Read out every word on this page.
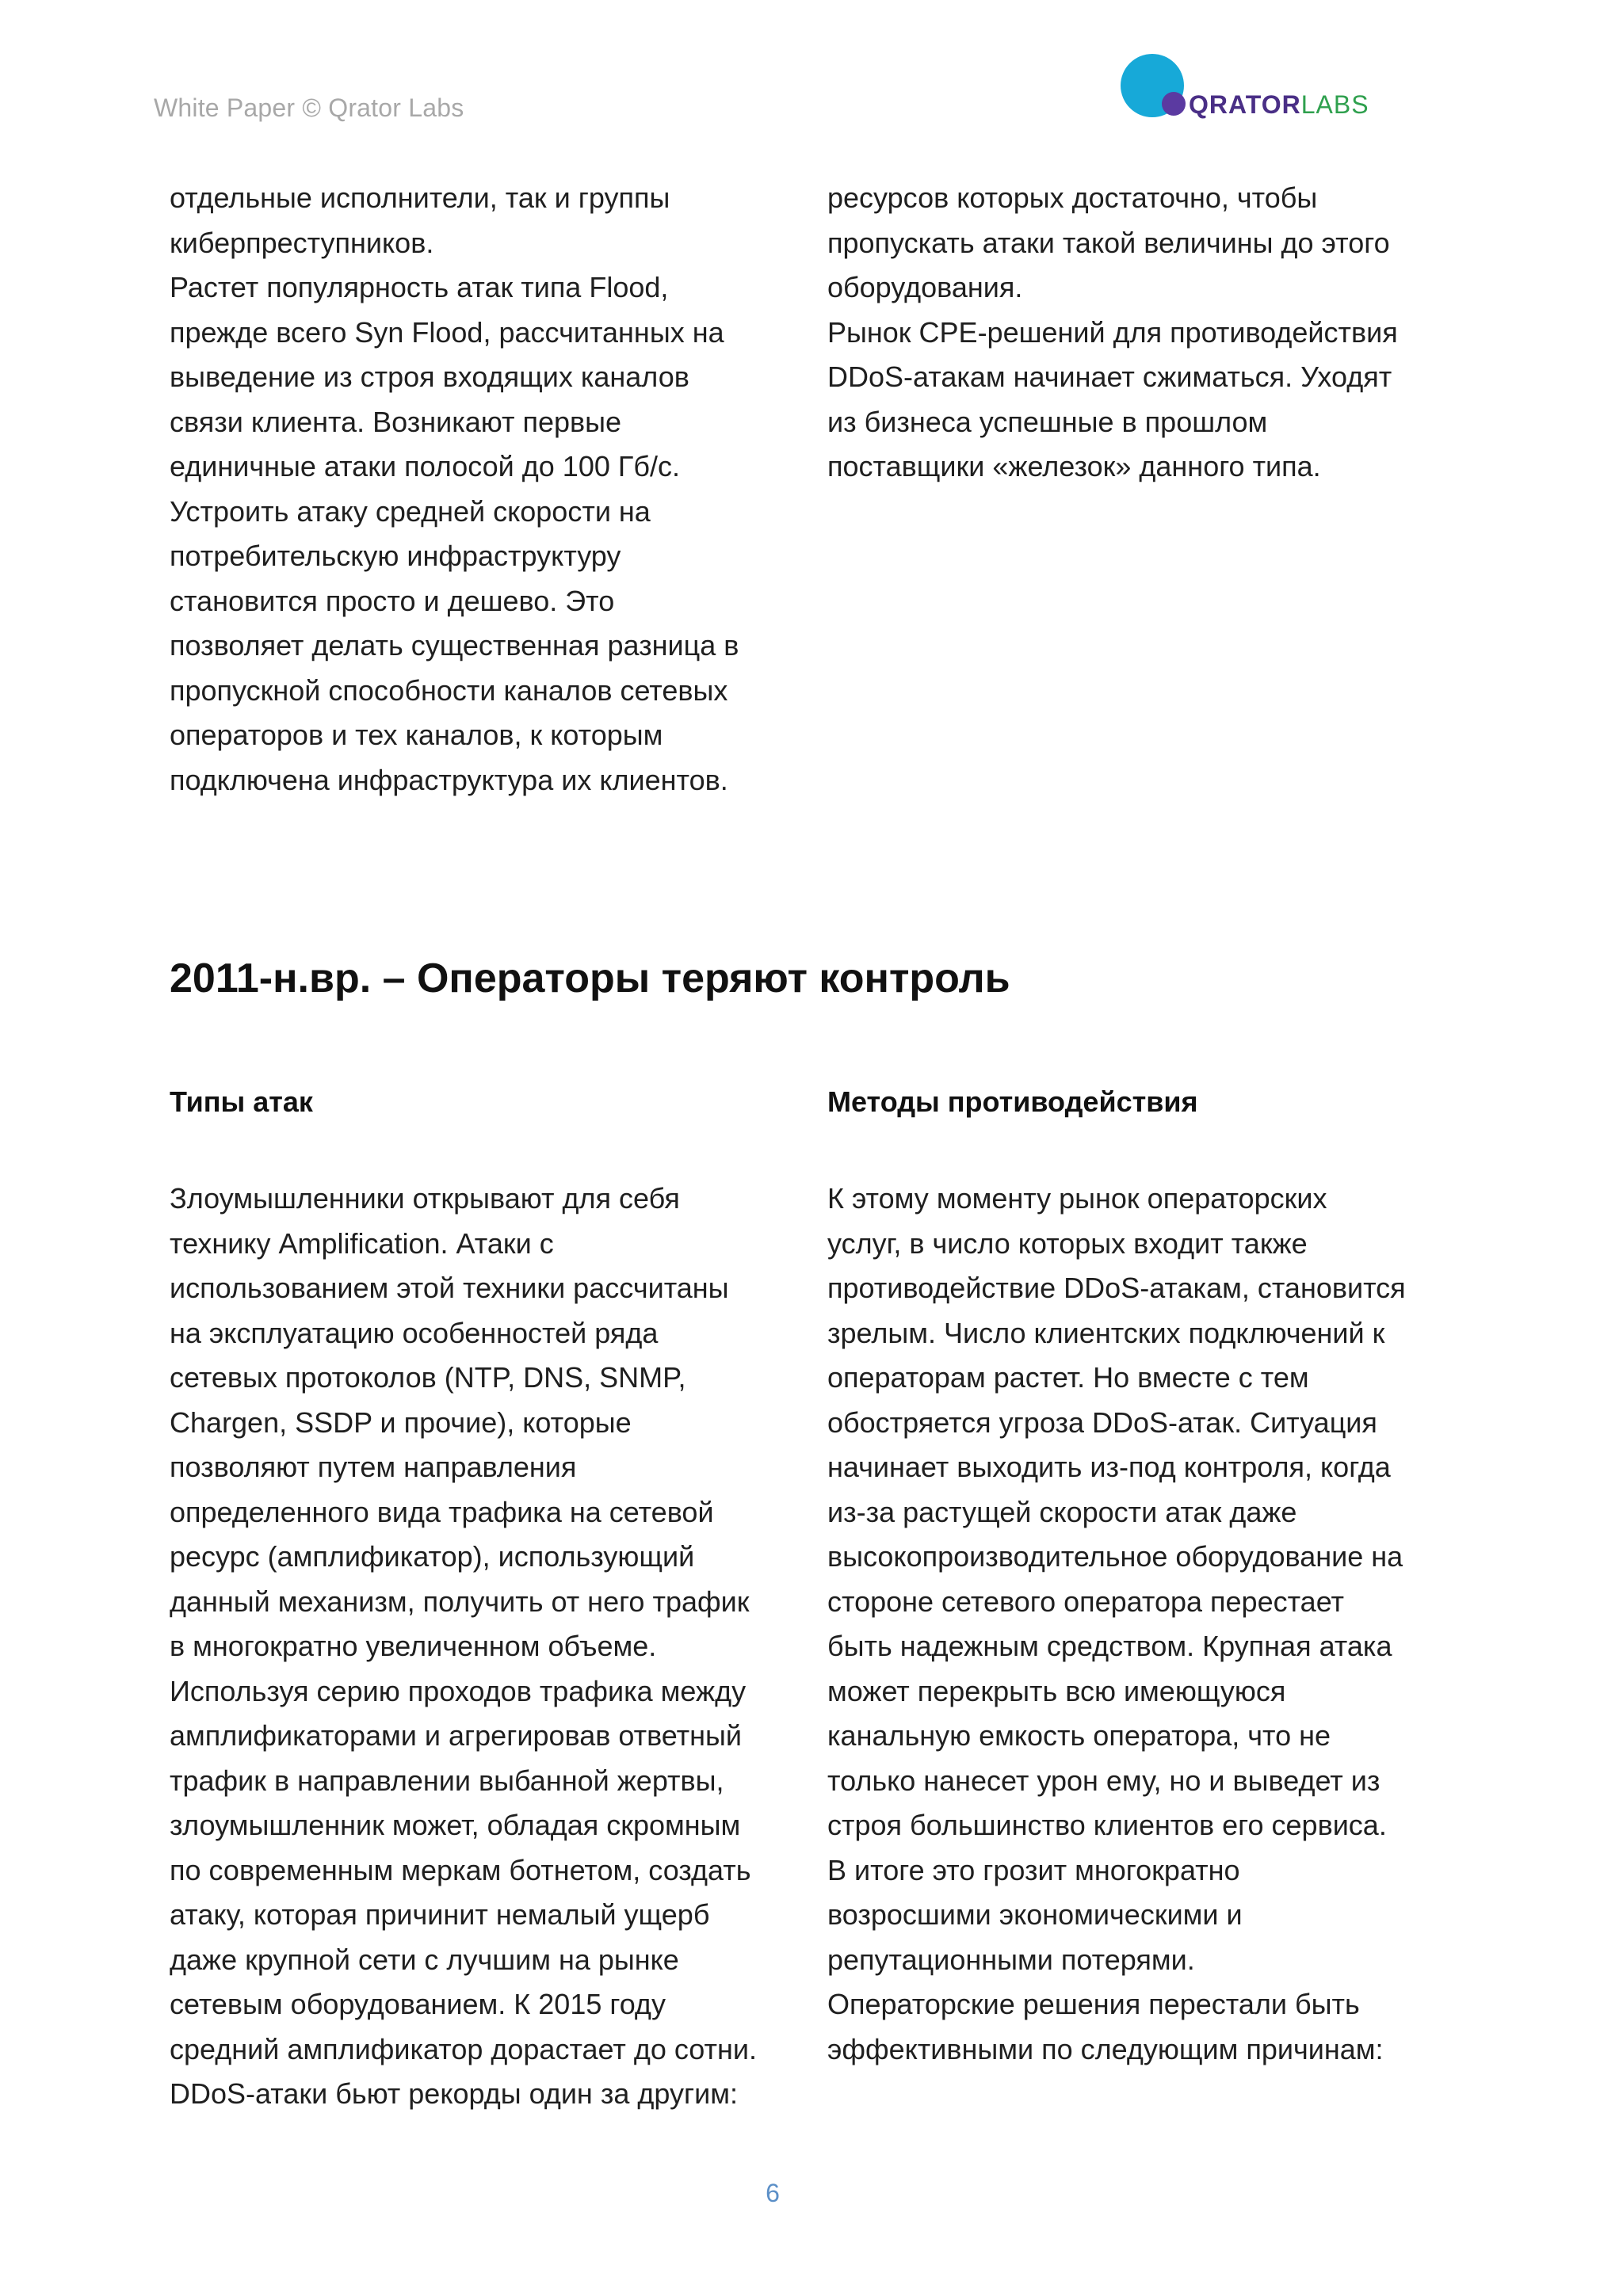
White Paper © Qrator Labs	QRATORLABS

отдельные исполнители, так и группы

киберпреступников.

Растет популярность атак типа Flood,

прежде всего Syn Flood, рассчитанных на

выведение из строя входящих каналов

связи клиента. Возникают первые

единичные атаки полосой до 100 Гб/с.

Устроить атаку средней скорости на

потребительскую инфраструктуру

становится просто и дешево. Это

позволяет делать существенная разница в

пропускной способности каналов сетевых

операторов и тех каналов, к которым

подключена инфраструктура их клиентов.

ресурсов которых достаточно, чтобы

пропускать атаки такой величины до этого

оборудования.

Рынок CPE-решений для противодействия

DDoS-атакам начинает сжиматься. Уходят

из бизнеса успешные в прошлом

поставщики «железок» данного типа.

2011-н.вр. – Операторы теряют контроль
Типы атак	Методы противодействия

Злоумышленники открывают для себя

технику Amplification. Атаки с

использованием этой техники рассчитаны

на эксплуатацию особенностей ряда

сетевых протоколов (NTP, DNS, SNMP,

Chargen, SSDP и прочие), которые

позволяют путем направления

определенного вида трафика на сетевой

ресурс (амплификатор), использующий

данный механизм, получить от него трафик

в многократно увеличенном объеме.

Используя серию проходов трафика между

амплификаторами и агрегировав ответный

трафик в направлении выбанной жертвы,

злоумышленник может, обладая скромным

по современным меркам ботнетом, создать

атаку, которая причинит немалый ущерб

даже крупной сети с лучшим на рынке

сетевым оборудованием. К 2015 году

средний амплификатор дорастает до сотни.

DDoS-атаки бьют рекорды один за другим:

К этому моменту рынок операторских

услуг, в число которых входит также

противодействие DDoS-атакам, становится

зрелым. Число клиентских подключений к

операторам растет. Но вместе с тем

обостряется угроза DDoS-атак. Ситуация

начинает выходить из-под контроля, когда

из-за растущей скорости атак даже

высокопроизводительное оборудование на

стороне сетевого оператора перестает

быть надежным средством. Крупная атака

может перекрыть всю имеющуюся

канальную емкость оператора, что не

только нанесет урон ему, но и выведет из

строя большинство клиентов его сервиса.

В итоге это грозит многократно

возросшими экономическими и

репутационными потерями.

Операторские решения перестали быть

эффективными по следующим причинам:

6
